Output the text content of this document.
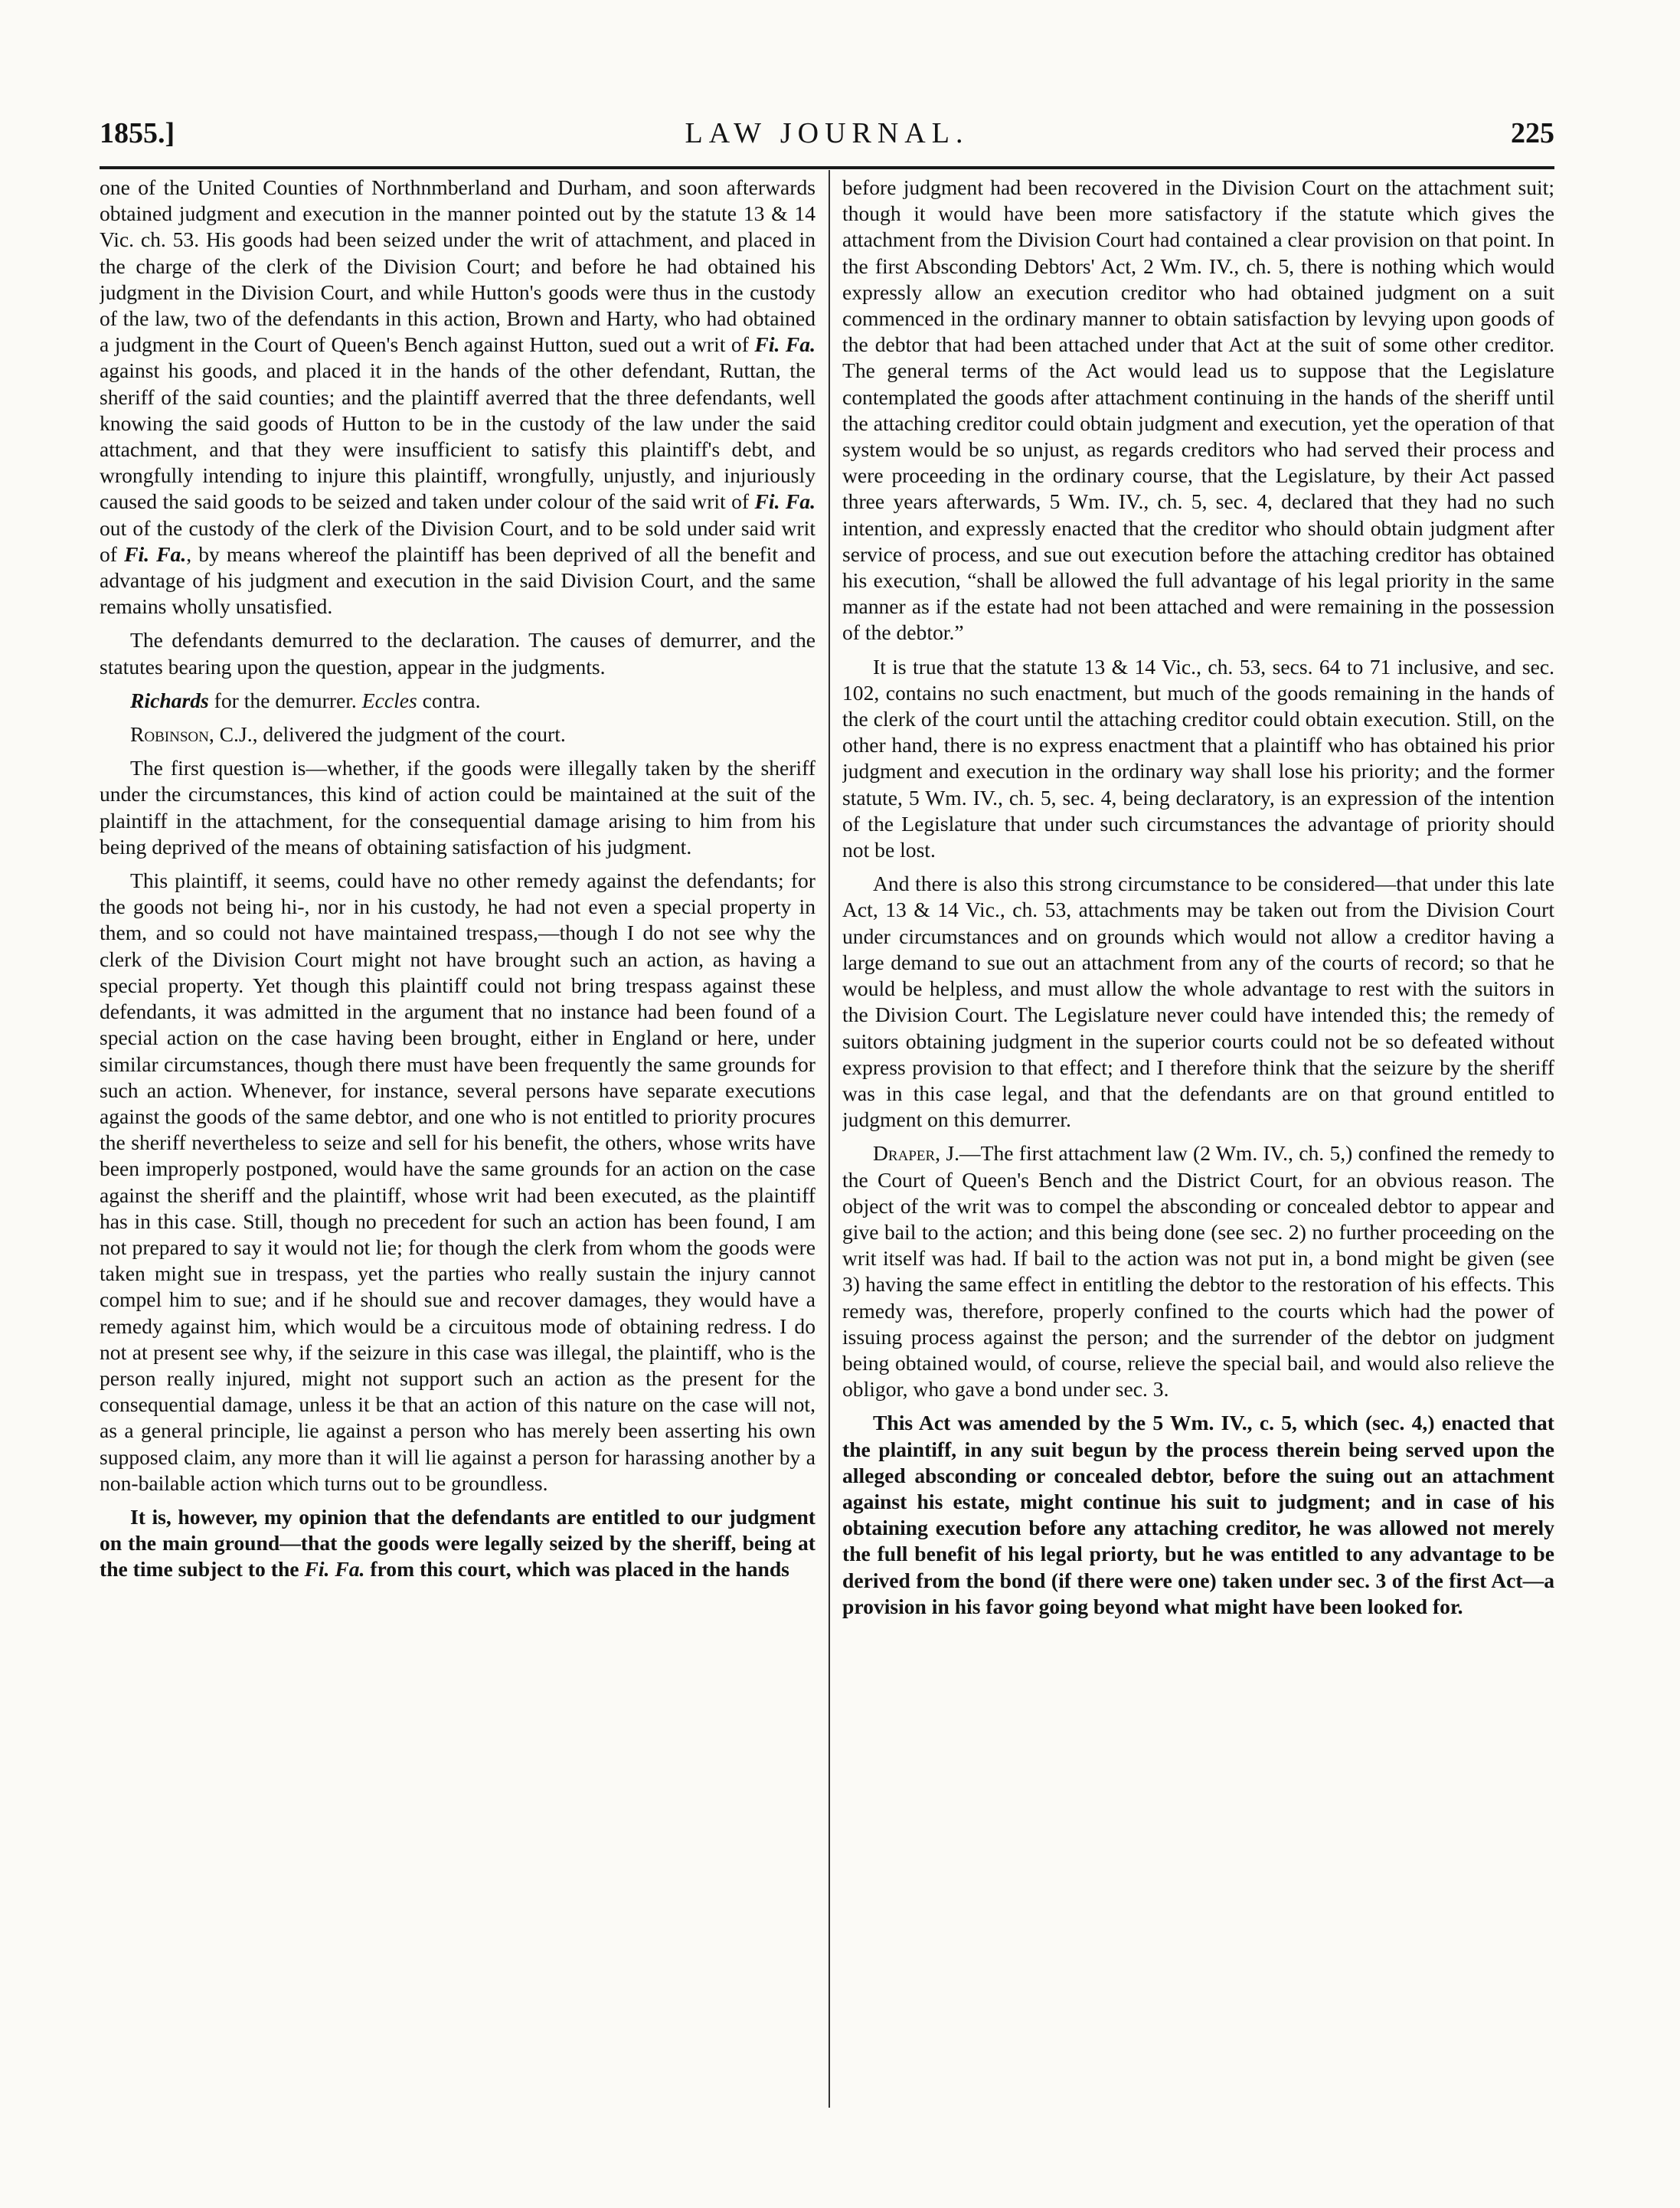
1855.]	LAW JOURNAL.	225

one of the United Counties of Northnmberland and Durham, and soon afterwards obtained judgment and execution in the manner pointed out by the statute 13 & 14 Vic. ch. 53. His goods had been seized under the writ of attachment, and placed in the charge of the clerk of the Division Court; and before he had obtained his judgment in the Division Court, and while Hutton's goods were thus in the custody of the law, two of the defendants in this action, Brown and Harty, who had obtained a judgment in the Court of Queen's Bench against Hutton, sued out a writ of Fi. Fa. against his goods, and placed it in the hands of the other defendant, Ruttan, the sheriff of the said counties; and the plaintiff averred that the three defendants, well knowing the said goods of Hutton to be in the custody of the law under the said attachment, and that they were insufficient to satisfy this plaintiff's debt, and wrongfully intending to injure this plaintiff, wrongfully, unjustly, and injuriously caused the said goods to be seized and taken under colour of the said writ of Fi. Fa. out of the custody of the clerk of the Division Court, and to be sold under said writ of Fi. Fa., by means whereof the plaintiff has been deprived of all the benefit and advantage of his judgment and execution in the said Division Court, and the same remains wholly unsatisfied.

The defendants demurred to the declaration. The causes of demurrer, and the statutes bearing upon the question, appear in the judgments.

Richards for the demurrer. Eccles contra.

Robinson, C.J., delivered the judgment of the court.

The first question is—whether, if the goods were illegally taken by the sheriff under the circumstances, this kind of action could be maintained at the suit of the plaintiff in the attachment, for the consequential damage arising to him from his being deprived of the means of obtaining satisfaction of his judgment.

This plaintiff, it seems, could have no other remedy against the defendants; for the goods not being hi-, nor in his custody, he had not even a special property in them, and so could not have maintained trespass,—though I do not see why the clerk of the Division Court might not have brought such an action, as having a special property. Yet though this plaintiff could not bring trespass against these defendants, it was admitted in the argument that no instance had been found of a special action on the case having been brought, either in England or here, under similar circumstances, though there must have been frequently the same grounds for such an action. Whenever, for instance, several persons have separate executions against the goods of the same debtor, and one who is not entitled to priority procures the sheriff nevertheless to seize and sell for his benefit, the others, whose writs have been improperly postponed, would have the same grounds for an action on the case against the sheriff and the plaintiff, whose writ had been executed, as the plaintiff has in this case. Still, though no precedent for such an action has been found, I am not prepared to say it would not lie; for though the clerk from whom the goods were taken might sue in trespass, yet the parties who really sustain the injury cannot compel him to sue; and if he should sue and recover damages, they would have a remedy against him, which would be a circuitous mode of obtaining redress. I do not at present see why, if the seizure in this case was illegal, the plaintiff, who is the person really injured, might not support such an action as the present for the consequential damage, unless it be that an action of this nature on the case will not, as a general principle, lie against a person who has merely been asserting his own supposed claim, any more than it will lie against a person for harassing another by a non-bailable action which turns out to be groundless.

It is, however, my opinion that the defendants are entitled to our judgment on the main ground—that the goods were legally seized by the sheriff, being at the time subject to the Fi. Fa. from this court, which was placed in the hands

before judgment had been recovered in the Division Court on the attachment suit; though it would have been more satisfactory if the statute which gives the attachment from the Division Court had contained a clear provision on that point. In the first Absconding Debtors' Act, 2 Wm. IV., ch. 5, there is nothing which would expressly allow an execution creditor who had obtained judgment on a suit commenced in the ordinary manner to obtain satisfaction by levying upon goods of the debtor that had been attached under that Act at the suit of some other creditor. The general terms of the Act would lead us to suppose that the Legislature contemplated the goods after attachment continuing in the hands of the sheriff until the attaching creditor could obtain judgment and execution, yet the operation of that system would be so unjust, as regards creditors who had served their process and were proceeding in the ordinary course, that the Legislature, by their Act passed three years afterwards, 5 Wm. IV., ch. 5, sec. 4, declared that they had no such intention, and expressly enacted that the creditor who should obtain judgment after service of process, and sue out execution before the attaching creditor has obtained his execution, “shall be allowed the full advantage of his legal priority in the same manner as if the estate had not been attached and were remaining in the possession of the debtor.”

It is true that the statute 13 & 14 Vic., ch. 53, secs. 64 to 71 inclusive, and sec. 102, contains no such enactment, but much of the goods remaining in the hands of the clerk of the court until the attaching creditor could obtain execution. Still, on the other hand, there is no express enactment that a plaintiff who has obtained his prior judgment and execution in the ordinary way shall lose his priority; and the former statute, 5 Wm. IV., ch. 5, sec. 4, being declaratory, is an expression of the intention of the Legislature that under such circumstances the advantage of priority should not be lost.

And there is also this strong circumstance to be considered—that under this late Act, 13 & 14 Vic., ch. 53, attachments may be taken out from the Division Court under circumstances and on grounds which would not allow a creditor having a large demand to sue out an attachment from any of the courts of record; so that he would be helpless, and must allow the whole advantage to rest with the suitors in the Division Court. The Legislature never could have intended this; the remedy of suitors obtaining judgment in the superior courts could not be so defeated without express provision to that effect; and I therefore think that the seizure by the sheriff was in this case legal, and that the defendants are on that ground entitled to judgment on this demurrer.

Draper, J.—The first attachment law (2 Wm. IV., ch. 5,) confined the remedy to the Court of Queen's Bench and the District Court, for an obvious reason. The object of the writ was to compel the absconding or concealed debtor to appear and give bail to the action; and this being done (see sec. 2) no further proceeding on the writ itself was had. If bail to the action was not put in, a bond might be given (see 3) having the same effect in entitling the debtor to the restoration of his effects. This remedy was, therefore, properly confined to the courts which had the power of issuing process against the person; and the surrender of the debtor on judgment being obtained would, of course, relieve the special bail, and would also relieve the obligor, who gave a bond under sec. 3.

This Act was amended by the 5 Wm. IV., c. 5, which (sec. 4,) enacted that the plaintiff, in any suit begun by the process therein being served upon the alleged absconding or concealed debtor, before the suing out an attachment against his estate, might continue his suit to judgment; and in case of his obtaining execution before any attaching creditor, he was allowed not merely the full benefit of his legal priorty, but he was entitled to any advantage to be derived from the bond (if there were one) taken under sec. 3 of the first Act—a provision in his favor going beyond what might have been looked for.
